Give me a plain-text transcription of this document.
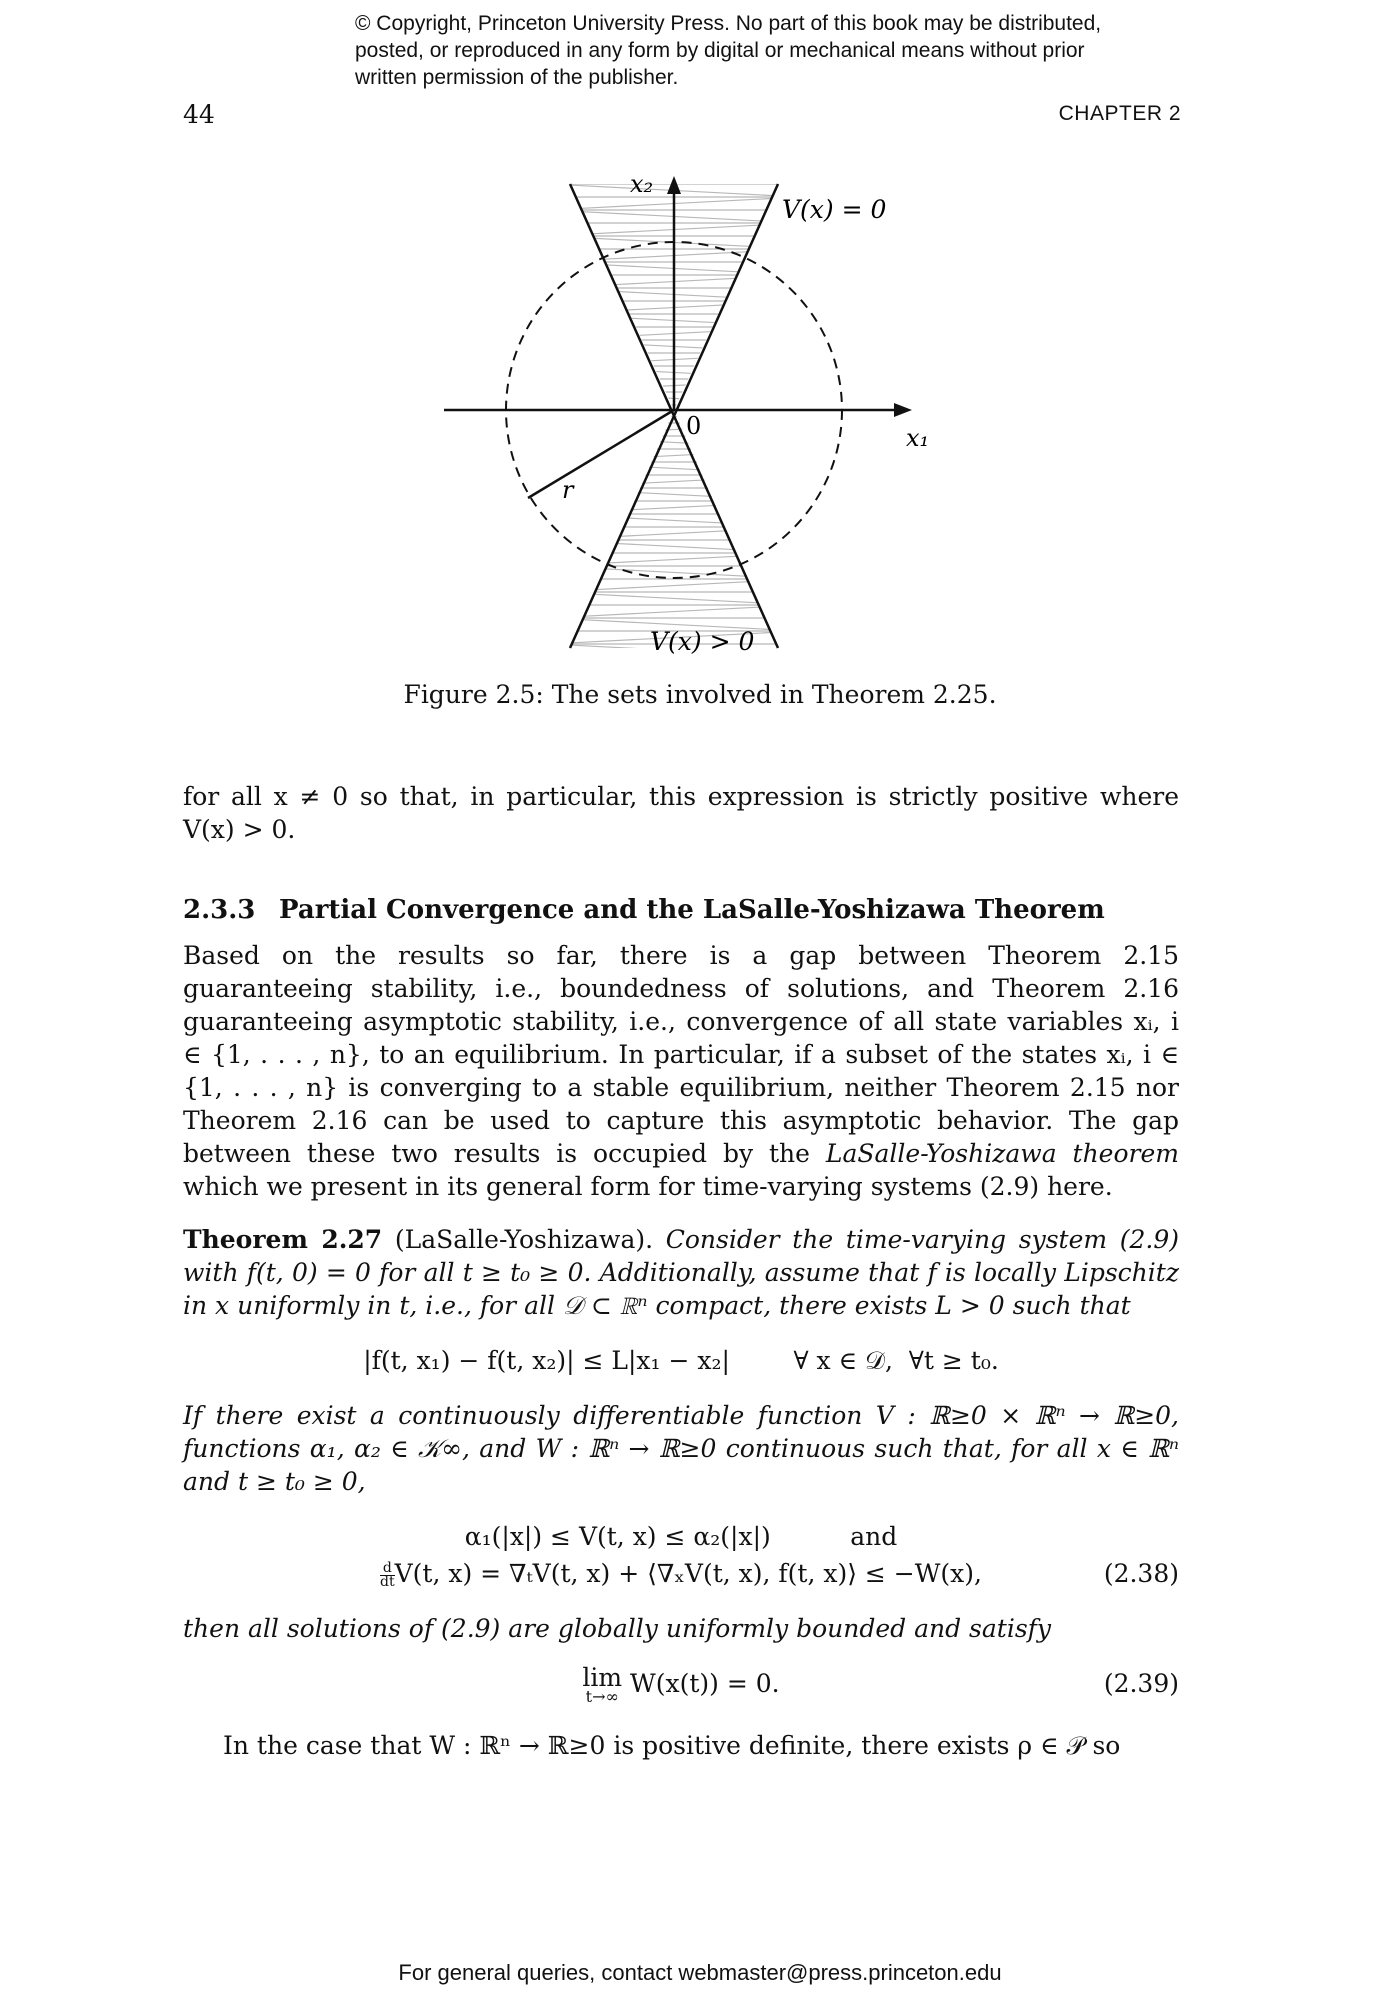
© Copyright, Princeton University Press. No part of this book may be distributed, posted, or reproduced in any form by digital or mechanical means without prior written permission of the publisher.
44	CHAPTER 2
x₂
x₁
0
r
V(x) = 0
V(x) > 0
Figure 2.5: The sets involved in Theorem 2.25.

for all x ≠ 0 so that, in particular, this expression is strictly positive where V(x) > 0.

2.3.3 Partial Convergence and the LaSalle-Yoshizawa Theorem

Based on the results so far, there is a gap between Theorem 2.15 guaranteeing stability, i.e., boundedness of solutions, and Theorem 2.16 guaranteeing asymptotic stability, i.e., convergence of all state variables xᵢ, i ∈ {1, . . . , n}, to an equilibrium. In particular, if a subset of the states xᵢ, i ∈ {1, . . . , n} is converging to a stable equilibrium, neither Theorem 2.15 nor Theorem 2.16 can be used to capture this asymptotic behavior. The gap between these two results is occupied by the LaSalle-Yoshizawa theorem which we present in its general form for time-varying systems (2.9) here.

Theorem 2.27 (LaSalle-Yoshizawa). Consider the time-varying system (2.9) with f(t, 0) = 0 for all t ≥ t₀ ≥ 0. Additionally, assume that f is locally Lipschitz in x uniformly in t, i.e., for all 𝒟 ⊂ ℝⁿ compact, there exists L > 0 such that

|f(t, x₁) − f(t, x₂)| ≤ L|x₁ − x₂|        ∀ x ∈ 𝒟,  ∀t ≥ t₀.

If there exist a continuously differentiable function V : ℝ≥0 × ℝⁿ → ℝ≥0, functions α₁, α₂ ∈ 𝒦∞, and W : ℝⁿ → ℝ≥0 continuous such that, for all x ∈ ℝⁿ and t ≥ t₀ ≥ 0,

α₁(|x|) ≤ V(t, x) ≤ α₂(|x|)          and
$\frac{d}{dt} V(t$, x) = ∇ₜV(t, x) + ⟨∇ₓV(t, x), f(t, x)⟩ ≤ −W(x),	(2.38)

then all solutions of (2.9) are globally uniformly bounded and satisfy

lim
t→∞ W(x(t)) = 0.	(2.39)

In the case that W : ℝⁿ → ℝ≥0 is positive definite, there exists ρ ∈ 𝒫 so

For general queries, contact webmaster@press.princeton.edu
